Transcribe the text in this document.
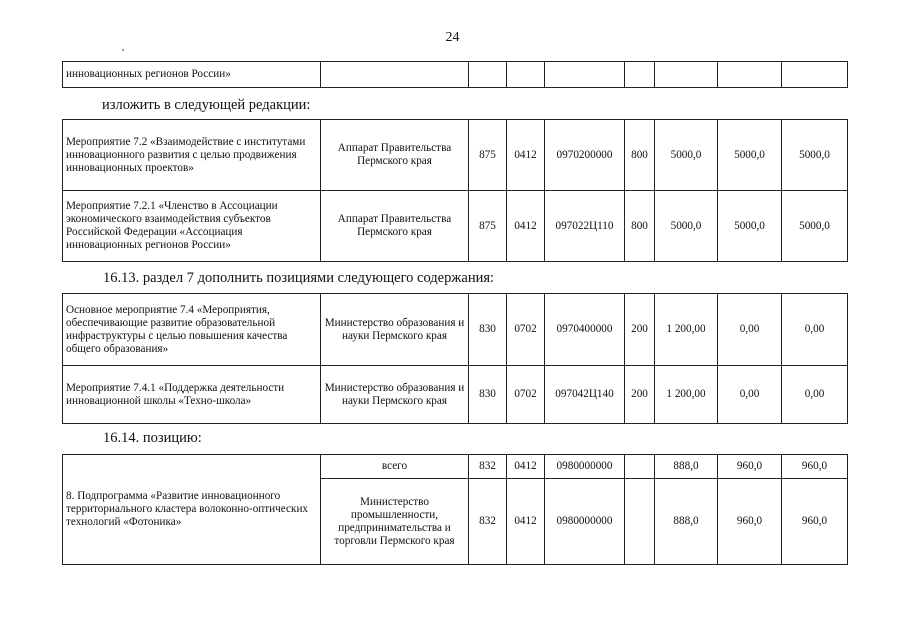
24
инновационных регионов России»								
изложить в следующей редакции:
Мероприятие 7.2 «Взаимодействие с институтами инновационного развития с целью продвижения инновационных проектов»	Аппарат Правительства Пермского края	875	0412	0970200000	800	5000,0	5000,0	5000,0
Мероприятие 7.2.1 «Членство в Ассоциации экономического взаимодействия субъектов Российской Федерации «Ассоциация инновационных регионов России»	Аппарат Правительства Пермского края	875	0412	097022Ц110	800	5000,0	5000,0	5000,0
16.13. раздел 7 дополнить позициями следующего содержания:
Основное мероприятие 7.4 «Мероприятия, обеспечивающие развитие образовательной инфраструктуры с целью повышения качества общего образования»	Министерство образования и науки Пермского края	830	0702	0970400000	200	1 200,00	0,00	0,00
Мероприятие 7.4.1 «Поддержка деятельности инновационной школы «Техно-школа»	Министерство образования и науки Пермского края	830	0702	097042Ц140	200	1 200,00	0,00	0,00
16.14. позицию:
8. Подпрограмма «Развитие инновационного территориального кластера волоконно-оптических технологий «Фотоника»	всего	832	0412	0980000000		888,0	960,0	960,0
	Министерство промышленности, предпринимательства и торговли Пермского края	832	0412	0980000000		888,0	960,0	960,0
